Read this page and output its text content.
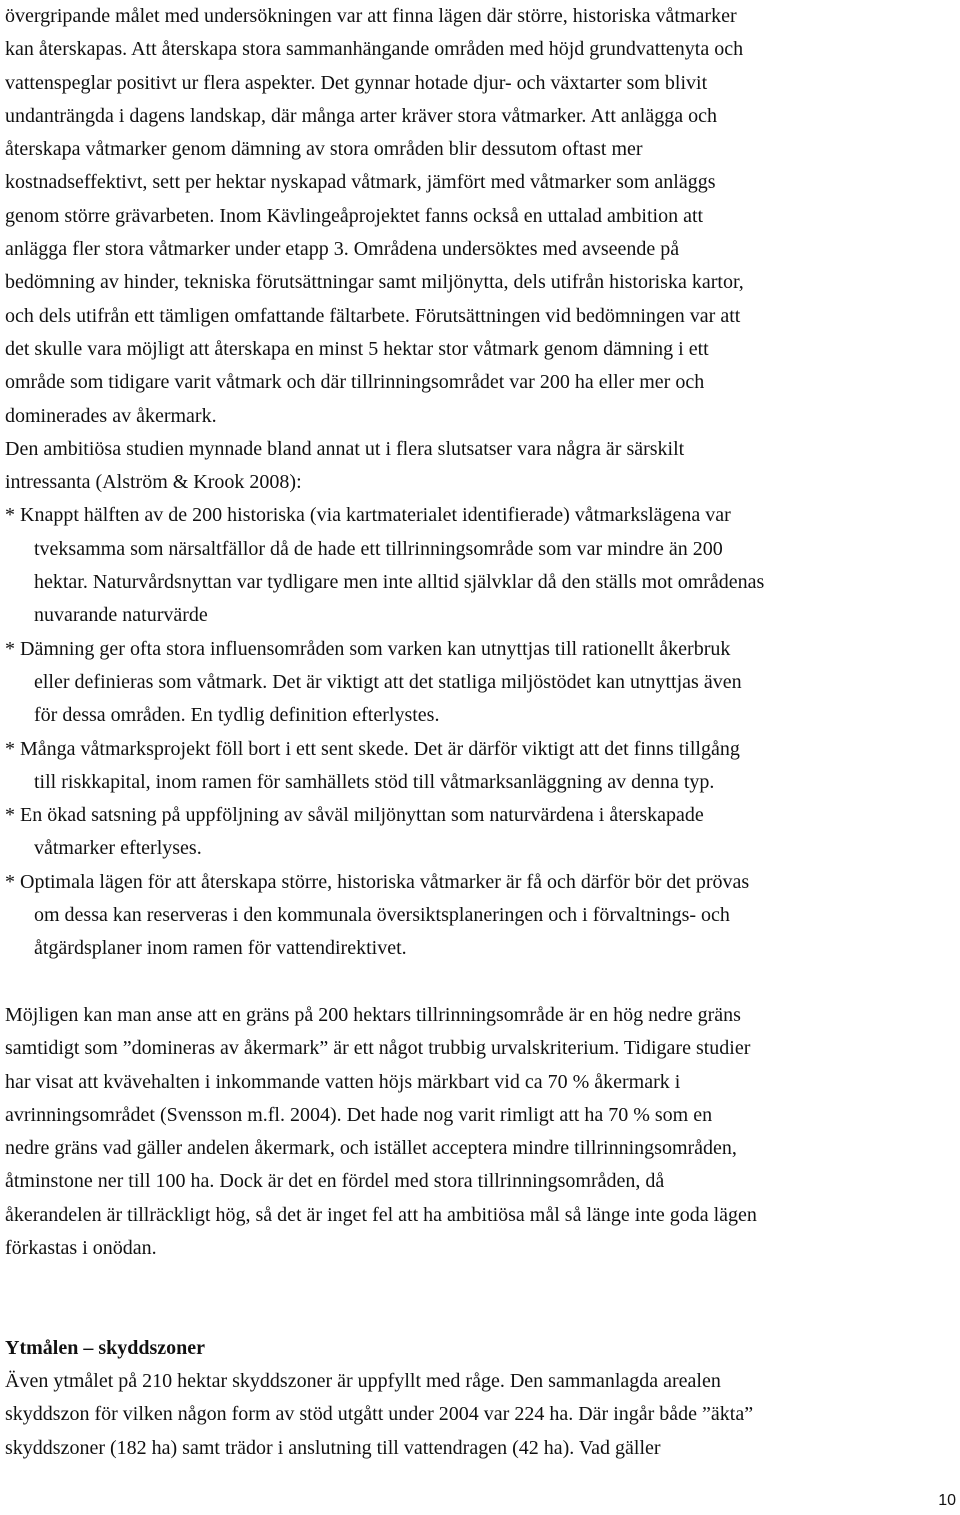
övergripande målet med undersökningen var att finna lägen där större, historiska våtmarker
kan återskapas. Att återskapa stora sammanhängande områden med höjd grundvattenyta och
vattenspeglar positivt ur flera aspekter. Det gynnar hotade djur- och växtarter som blivit
undanträngda i dagens landskap, där många arter kräver stora våtmarker. Att anlägga och
återskapa våtmarker genom dämning av stora områden blir dessutom oftast mer
kostnadseffektivt, sett per hektar nyskapad våtmark, jämfört med våtmarker som anläggs
genom större grävarbeten. Inom Kävlingeåprojektet fanns också en uttalad ambition att
anlägga fler stora våtmarker under etapp 3. Områdena undersöktes med avseende på
bedömning av hinder, tekniska förutsättningar samt miljönytta, dels utifrån historiska kartor,
och dels utifrån ett tämligen omfattande fältarbete. Förutsättningen vid bedömningen var att
det skulle vara möjligt att återskapa en minst 5 hektar stor våtmark genom dämning i ett
område som tidigare varit våtmark och där tillrinningsområdet var 200 ha eller mer och
dominerades av åkermark.
Den ambitiösa studien mynnade bland annat ut i flera slutsatser vara några är särskilt
intressanta (Alström & Krook 2008):
* Knappt hälften av de 200 historiska (via kartmaterialet identifierade) våtmarkslägena var
tveksamma som närsaltfällor då de hade ett tillrinningsområde som var mindre än 200
hektar. Naturvårdsnyttan var tydligare men inte alltid självklar då den ställs mot områdenas
nuvarande naturvärde
* Dämning ger ofta stora influensområden som varken kan utnyttjas till rationellt åkerbruk
eller definieras som våtmark. Det är viktigt att det statliga miljöstödet kan utnyttjas även
för dessa områden. En tydlig definition efterlystes.
* Många våtmarksprojekt föll bort i ett sent skede. Det är därför viktigt att det finns tillgång
till riskkapital, inom ramen för samhällets stöd till våtmarksanläggning av denna typ.
* En ökad satsning på uppföljning av såväl miljönyttan som naturvärdena i återskapade
våtmarker efterlyses.
* Optimala lägen för att återskapa större, historiska våtmarker är få och därför bör det prövas
om dessa kan reserveras i den kommunala översiktsplaneringen och i förvaltnings- och
åtgärdsplaner inom ramen för vattendirektivet.
Möjligen kan man anse att en gräns på 200 hektars tillrinningsområde är en hög nedre gräns
samtidigt som ”domineras av åkermark” är ett något trubbig urvalskriterium. Tidigare studier
har visat att kvävehalten i inkommande vatten höjs märkbart vid ca 70 % åkermark i
avrinningsområdet (Svensson m.fl. 2004). Det hade nog varit rimligt att ha 70 % som en
nedre gräns vad gäller andelen åkermark, och istället acceptera mindre tillrinningsområden,
åtminstone ner till 100 ha. Dock är det en fördel med stora tillrinningsområden, då
åkerandelen är tillräckligt hög, så det är inget fel att ha ambitiösa mål så länge inte goda lägen
förkastas i onödan.
Ytmålen – skyddszoner
Även ytmålet på 210 hektar skyddszoner är uppfyllt med råge. Den sammanlagda arealen
skyddszon för vilken någon form av stöd utgått under 2004 var 224 ha. Där ingår både ”äkta”
skyddszoner (182 ha) samt trädor i anslutning till vattendragen (42 ha). Vad gäller
10
